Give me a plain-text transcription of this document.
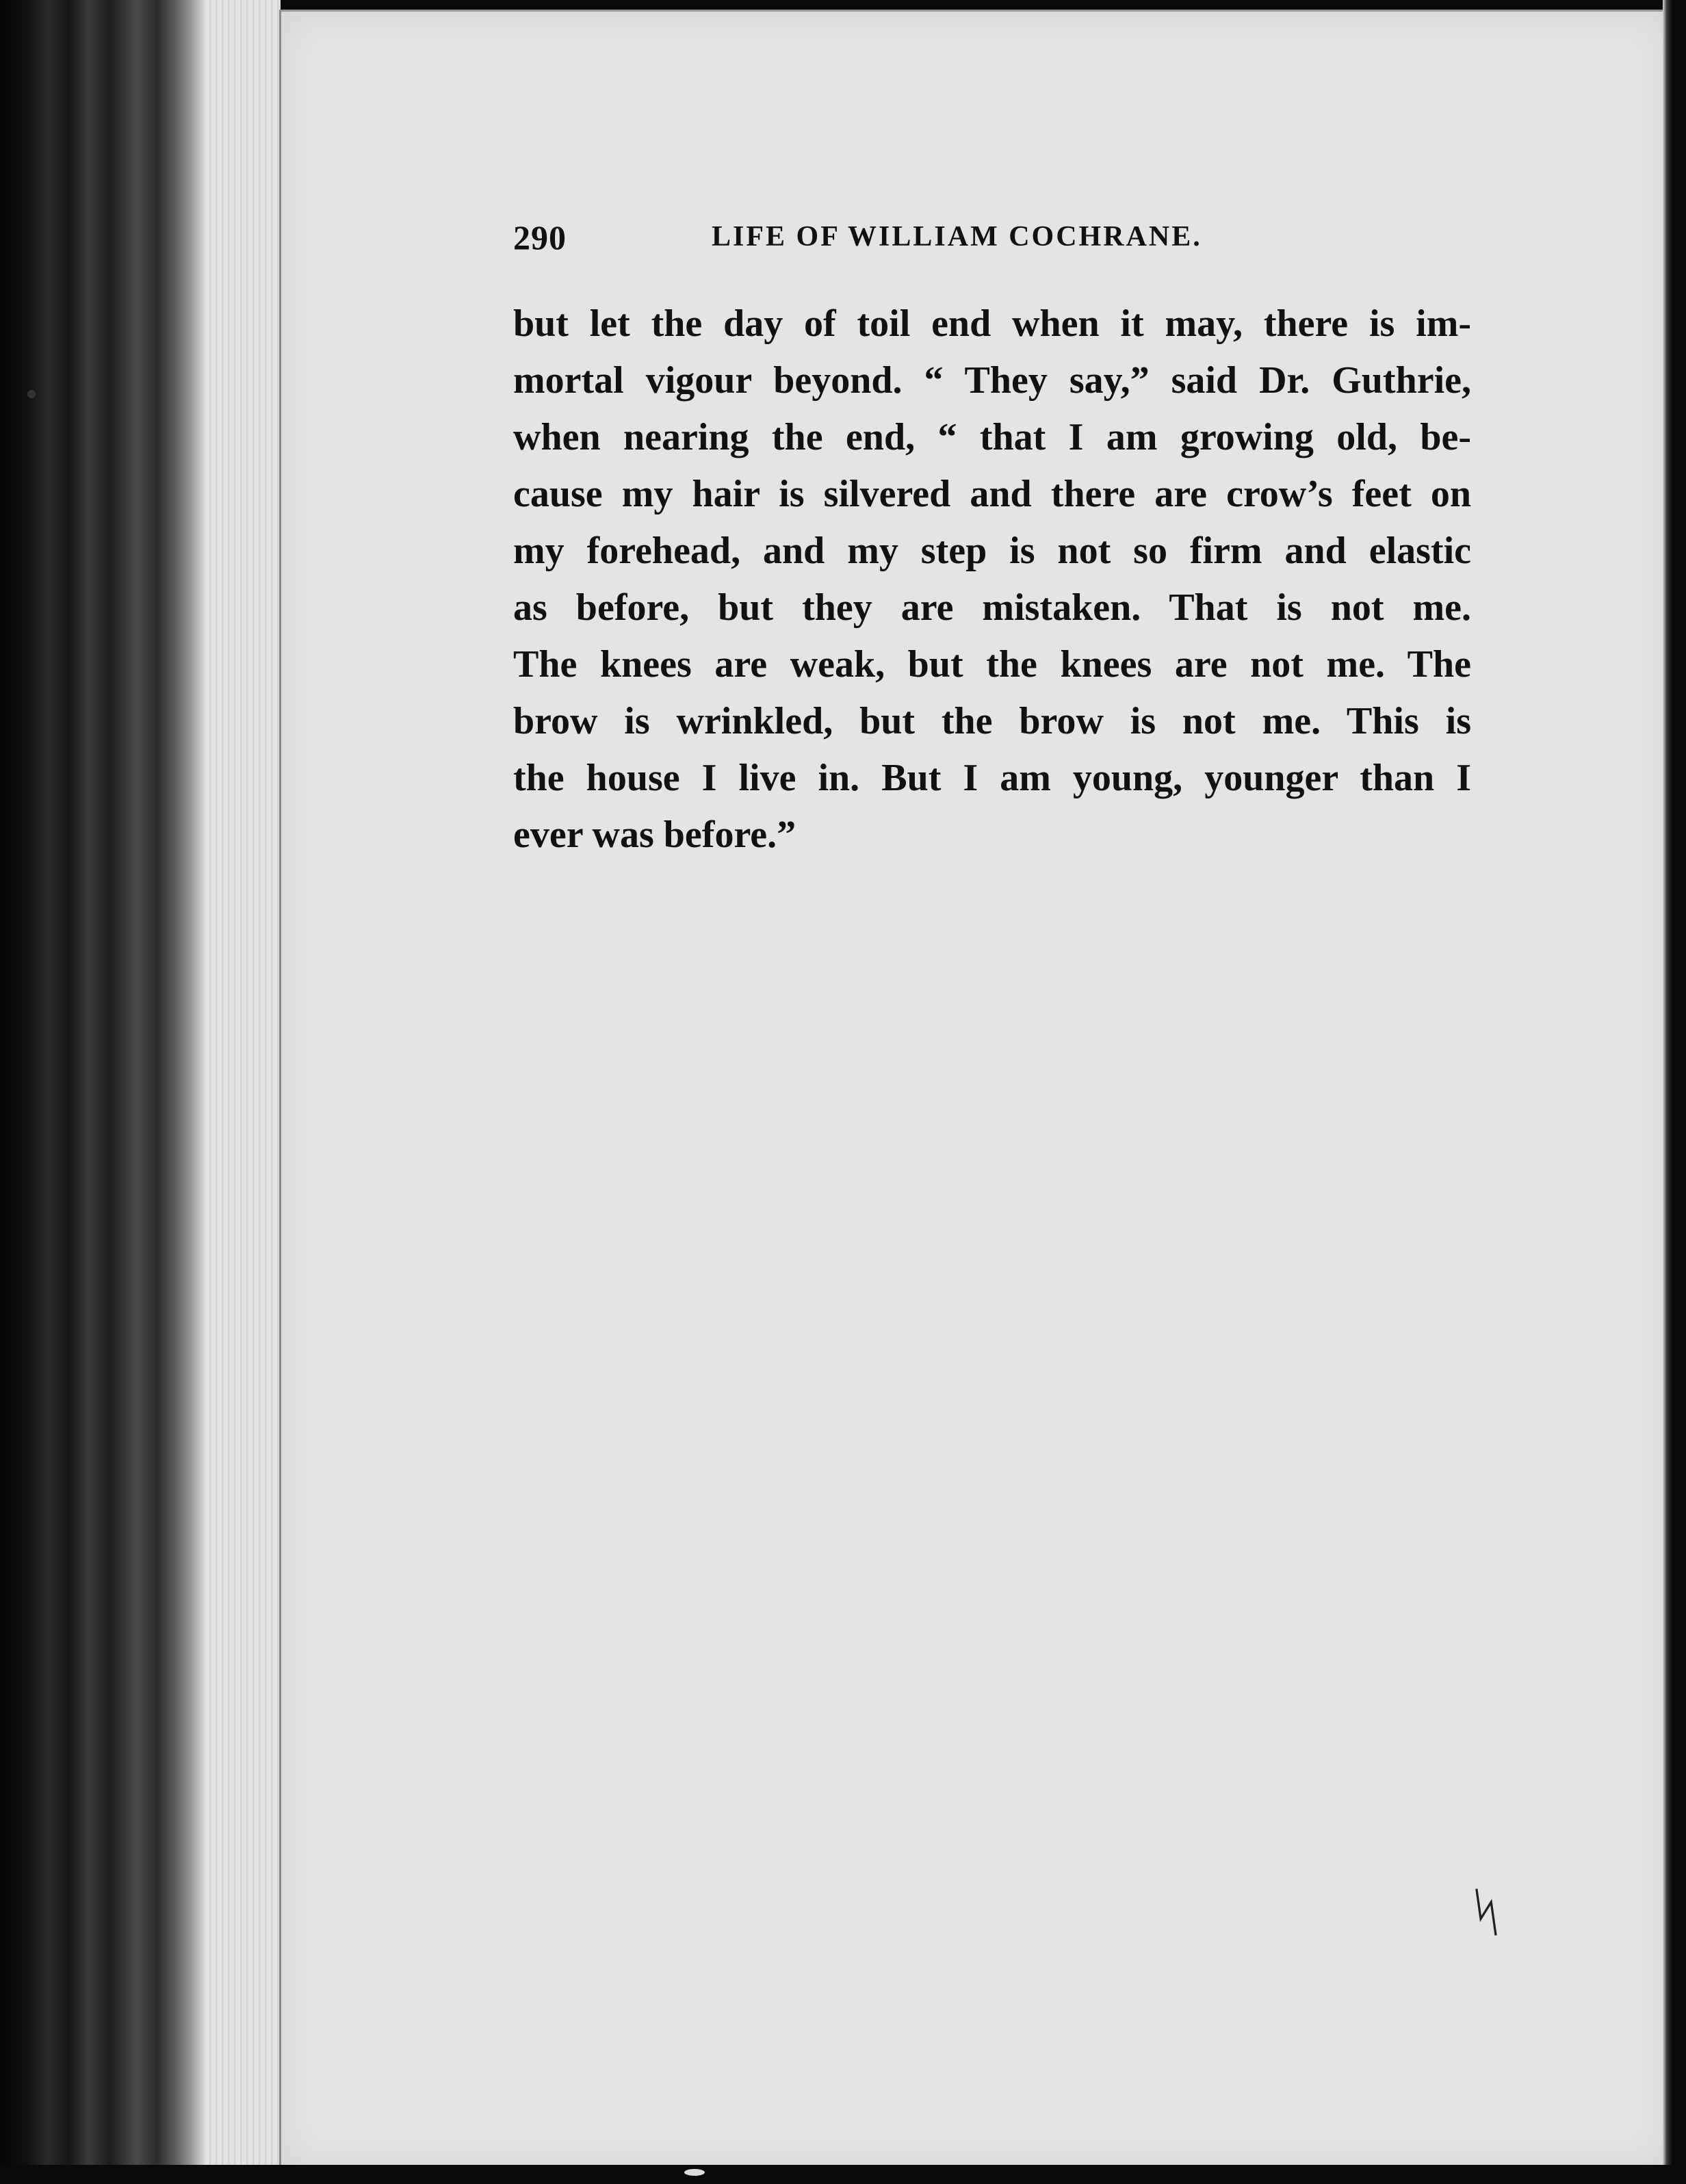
290	LIFE OF WILLIAM COCHRANE.
but let the day of toil end when it may, there is im-
mortal vigour beyond. “ They say,” said Dr. Guthrie,
when nearing the end, “ that I am growing old, be-
cause my hair is silvered and there are crow’s feet on
my forehead, and my step is not so firm and elastic
as before, but they are mistaken. That is not me.
The knees are weak, but the knees are not me. The
brow is wrinkled, but the brow is not me. This is
the house I live in. But I am young, younger than I
ever was before.”
ᛋ
